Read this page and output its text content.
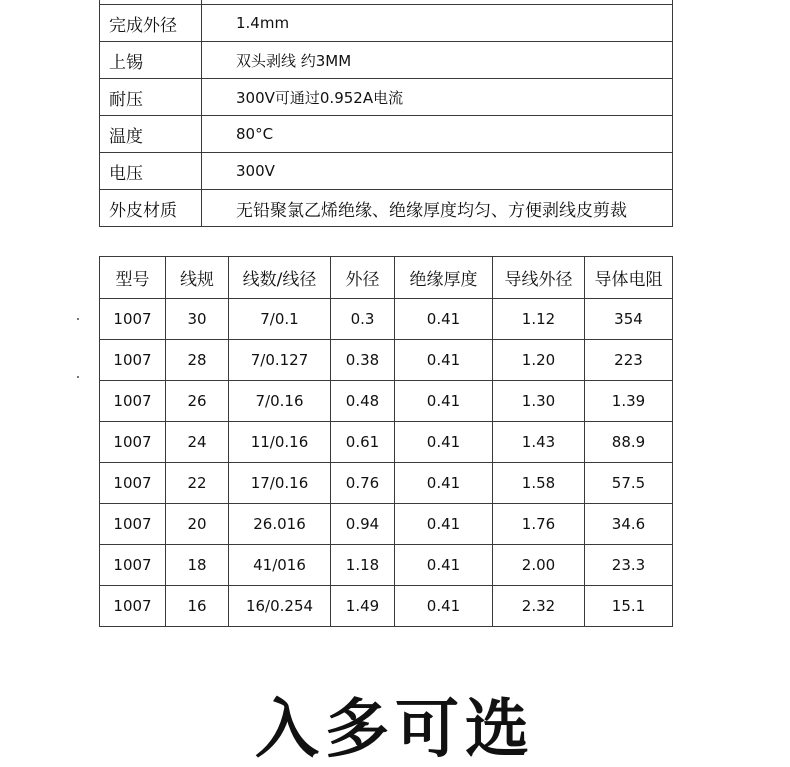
完成外径	1.4mm
上锡	双头剥线 约3MM
耐压	300V可通过0.952A电流
温度	80°C
电压	300V
外皮材质	无铅聚氯乙烯绝缘、绝缘厚度均匀、方便剥线皮剪裁
型号	线规	线数/线径	外径	绝缘厚度	导线外径	导体电阻
1007	30	7/0.1	0.3	0.41	1.12	354
1007	28	7/0.127	0.38	0.41	1.20	223
1007	26	7/0.16	0.48	0.41	1.30	1.39
1007	24	11/0.16	0.61	0.41	1.43	88.9
1007	22	17/0.16	0.76	0.41	1.58	57.5
1007	20	26.016	0.94	0.41	1.76	34.6
1007	18	41/016	1.18	0.41	2.00	23.3
1007	16	16/0.254	1.49	0.41	2.32	15.1
入多可选
